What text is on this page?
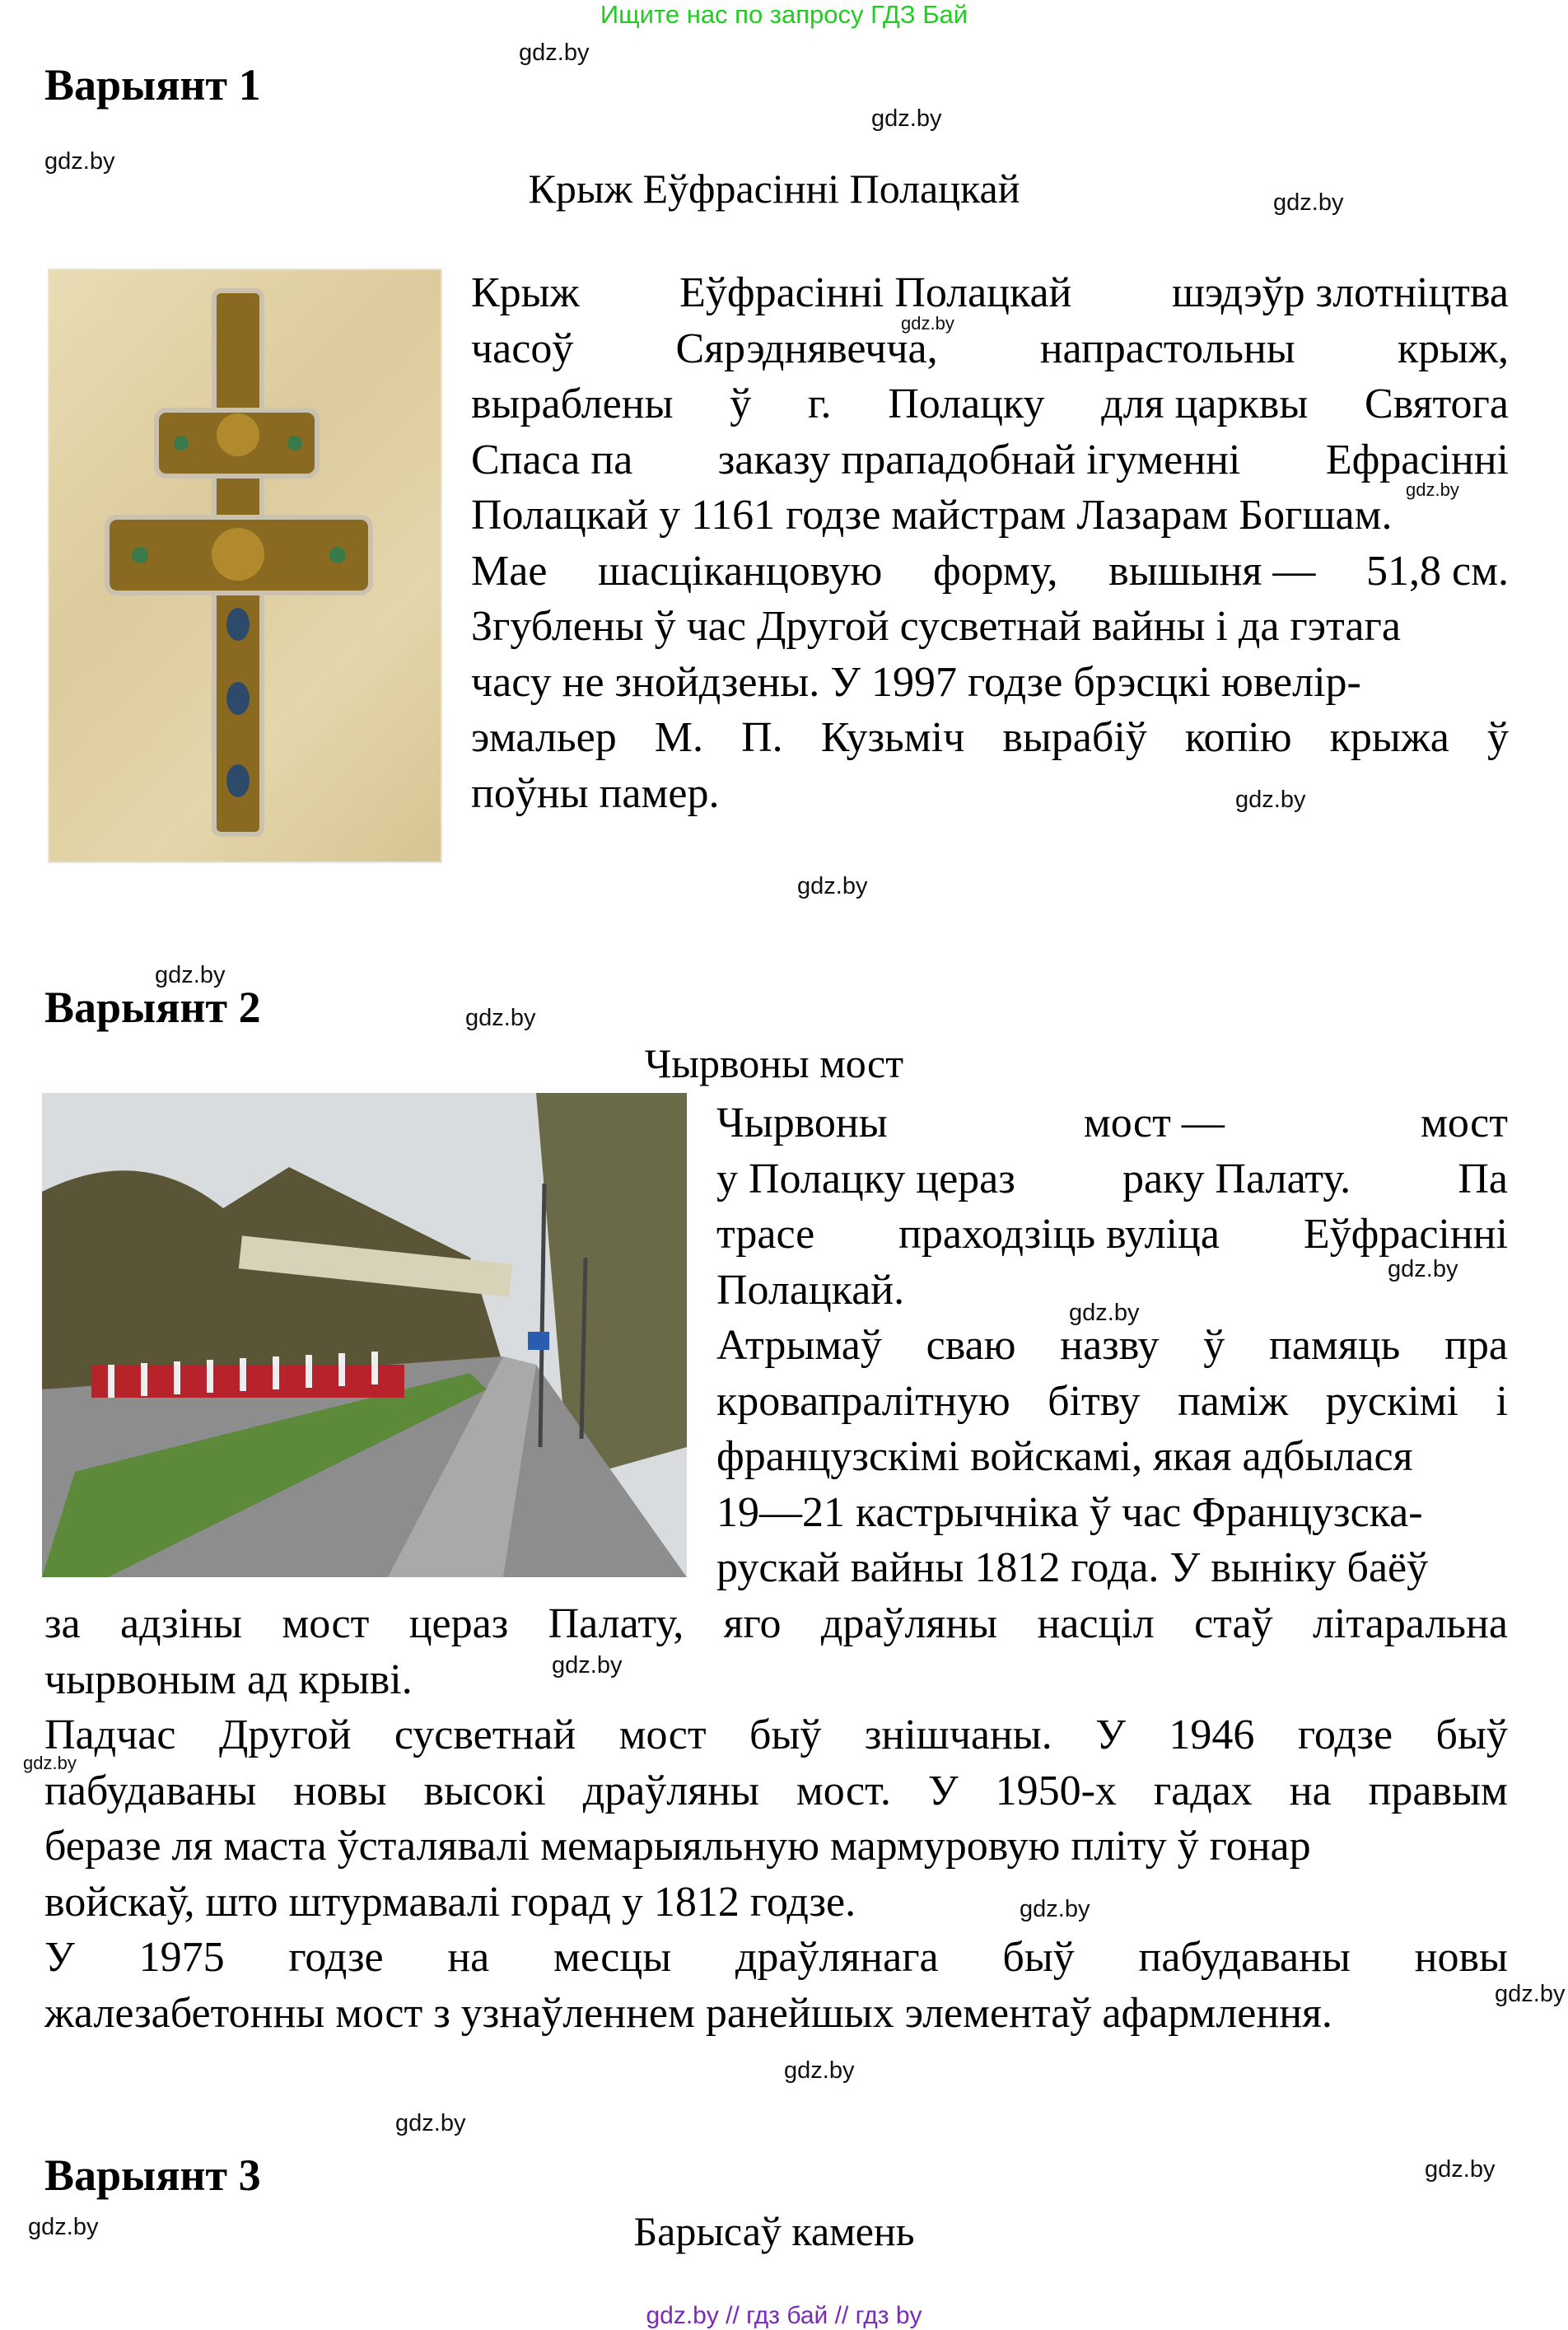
Ищите нас по запросу ГДЗ Бай
gdz.by
gdz.by
gdz.by
gdz.by
gdz.by
gdz.by
gdz.by
gdz.by
gdz.by
gdz.by
gdz.by
gdz.by
gdz.by
gdz.by
gdz.by
gdz.by
gdz.by
gdz.by
gdz.by
gdz.by
Варыянт 1
Крыж Еўфрасінні Полацкай
Крыж Еўфрасінні Полацкай шэдэўр злотніцтва
часоў Сярэднявечча, напрастольны крыж,
выраблены ў г. Полацку для царквы Святога
Спаса па заказу прападобнай ігуменні Ефрасінні
Полацкай у 1161 годзе майстрам Лазарам Богшам.
Мае шасціканцовую форму, вышыня — 51,8 см.
Згублены ў час Другой сусветнай вайны і да гэтага
часу не знойдзены. У 1997 годзе брэсцкі ювелір-
эмальер М. П. Кузьміч вырабіў копію крыжа ў
поўны памер.
Варыянт 2
Чырвоны мост
Чырвоны	мост —	мост
у Полацку цераз	раку Палату.	Па
трасе праходзіць вуліца Еўфрасінні
Полацкай.
Атрымаў сваю назву ў памяць пра
кровапралітную бітву паміж рускімі і
французскімі войскамі, якая адбылася
19—21 кастрычніка ў час Французска-
рускай вайны 1812 года. У выніку баёў
за адзіны мост цераз Палату, яго драўляны насціл стаў літаральна
чырвоным ад крыві.
Падчас Другой сусветнай мост быў знішчаны. У 1946 годзе быў
пабудаваны новы высокі драўляны мост. У 1950-х гадах на правым
беразе ля маста ўсталявалі мемарыяльную мармуровую пліту ў гонар
войскаў, што штурмавалі горад у 1812 годзе.
У 1975 годзе на месцы драўлянага быў пабудаваны новы
жалезабетонны мост з узнаўленнем ранейшых элементаў афармлення.
Варыянт 3
Барысаў камень
gdz.by // гдз бай // гдз by
